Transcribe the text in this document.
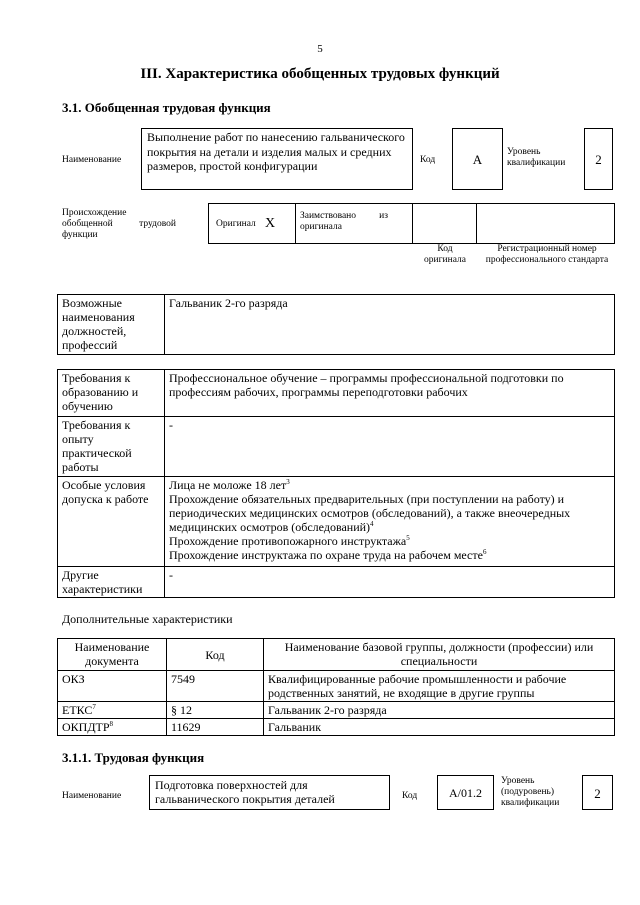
5
III. Характеристика обобщенных трудовых функций
3.1. Обобщенная трудовая функция
Наименование
Выполнение работ по нанесению гальванического покрытия на детали и изделия малых и средних размеров, простой конфигурации	Код	А	Уровень квалификации	2
Происхождение обобщенной трудовой функции
Оригинал X	Заимствовано из оригинала
Код оригинала
Регистрационный номер профессионального стандарта
Возможные наименования должностей, профессий	Гальваник 2-го разряда
Требования к образованию и обучению	Профессиональное обучение – программы профессиональной подготовки по профессиям рабочих, программы переподготовки рабочих
Требования к опыту практической работы	-
Особые условия допуска к работе	Лица не моложе 18 лет$^3$
Прохождение обязательных предварительных (при поступлении на работу) и периодических медицинских осмотров (обследований), а также внеочередных медицинских осмотров (обследований)$^4$
Прохождение противопожарного инструктажа$^5$
Прохождение инструктажа по охране труда на рабочем месте$^6$

Другие характеристики	-
Дополнительные характеристики
Наименование документа	Код	Наименование базовой группы, должности (профессии) или специальности
ОКЗ	7549	Квалифицированные рабочие промышленности и рабочие родственных занятий, не входящие в другие группы
ЕТКС$^7$	§ 12	Гальваник 2-го разряда
ОКПДТР$^8$	11629	Гальваник
3.1.1. Трудовая функция
Наименование
Подготовка поверхностей для гальванического покрытия деталей	Код	А/01.2
Уровень (подуровень) квалификации
2
